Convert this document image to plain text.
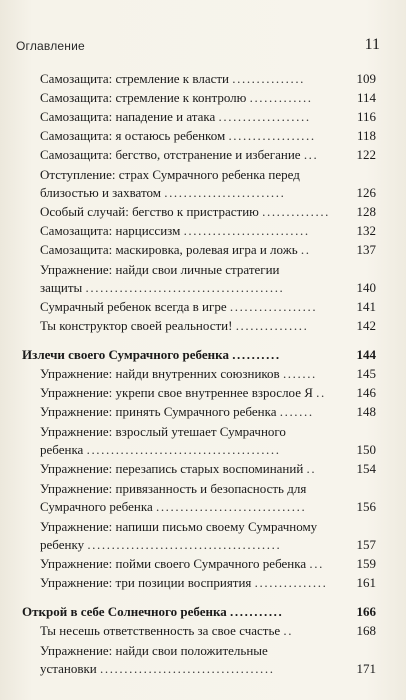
Оглавление	11
Самозащита: стремление к власти ...............	109
Самозащита: стремление к контролю .............	114
Самозащита: нападение и атака ...................	116
Самозащита: я остаюсь ребенком ..................	118
Самозащита: бегство, отстранение и избегание ...	122
Отступление: страх Сумрачного ребенка перед
близостью и захватом .........................	126
Особый случай: бегство к пристрастию ..............	128
Самозащита: нарциссизм ..........................	132
Самозащита: маскировка, ролевая игра и ложь ..	137
Упражнение: найди свои личные стратегии
защиты .........................................	140
Сумрачный ребенок всегда в игре ..................	141
Ты конструктор своей реальности! ...............	142
Излечи своего Сумрачного ребенка ..........	144
Упражнение: найди внутренних союзников .......	145
Упражнение: укрепи свое внутреннее взрослое Я ..	146
Упражнение: принять Сумрачного ребенка .......	148
Упражнение: взрослый утешает Сумрачного
ребенка ........................................	150
Упражнение: перезапись старых воспоминаний ..	154
Упражнение: привязанность и безопасность для
Сумрачного ребенка ...............................	156
Упражнение: напиши письмо своему Сумрачному
ребенку ........................................	157
Упражнение: пойми своего Сумрачного ребенка ...	159
Упражнение: три позиции восприятия ...............	161
Открой в себе Солнечного ребенка ...........	166
Ты несешь ответственность за свое счастье ..	168
Упражнение: найди свои положительные
установки ....................................	171
